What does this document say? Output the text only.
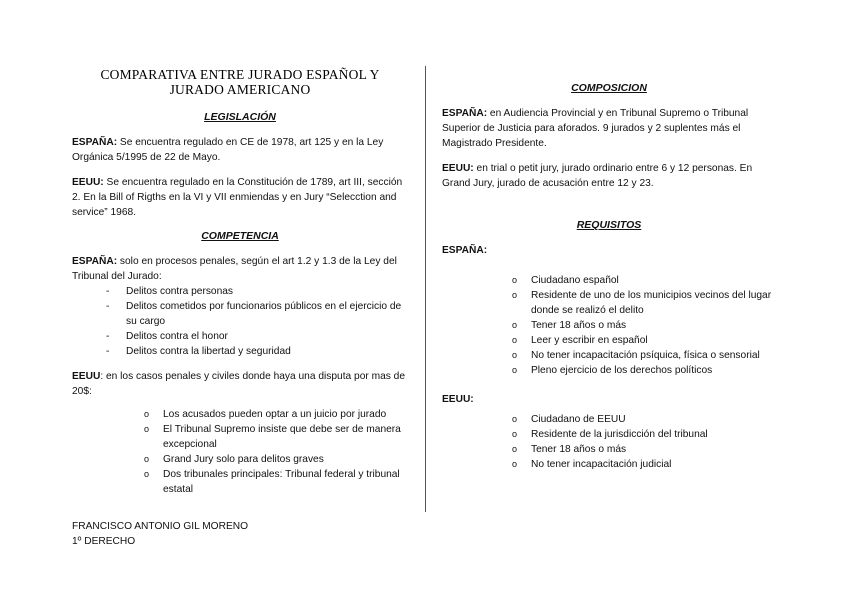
COMPARATIVA ENTRE JURADO ESPAÑOL Y
JURADO AMERICANO
LEGISLACIÓN

ESPAÑA: Se encuentra regulado en CE de 1978, art 125 y en la Ley Orgánica 5/1995 de 22 de Mayo.

EEUU: Se encuentra regulado en la Constitución de 1789, art III, sección 2. En la Bill of Rigths en la VI y VII enmiendas y en Jury “Selecction and service” 1968.

COMPETENCIA

ESPAÑA: solo en procesos penales, según el art 1.2 y 1.3 de la Ley del Tribunal del Jurado:

- Delitos contra personas
- Delitos cometidos por funcionarios públicos en el ejercicio de su cargo
- Delitos contra el honor
- Delitos contra la libertad y seguridad

EEUU: en los casos penales y civiles donde haya una disputa por mas de 20$:

o Los acusados pueden optar a un juicio por jurado
o El Tribunal Supremo insiste que debe ser de manera excepcional
o Grand Jury solo para delitos graves
o Dos tribunales principales: Tribunal federal y tribunal estatal
COMPOSICION

ESPAÑA: en Audiencia Provincial y en Tribunal Supremo o Tribunal Superior de Justicia para aforados. 9 jurados y 2 suplentes más el Magistrado Presidente.

EEUU: en trial o petit jury, jurado ordinario entre 6 y 12 personas. En Grand Jury, jurado de acusación entre 12 y 23.

REQUISITOS

ESPAÑA:

o Ciudadano español
o Residente de uno de los municipios vecinos del lugar donde se realizó el delito
o Tener 18 años o más
o Leer y escribir en español
o No tener incapacitación psíquica, física o sensorial
o Pleno ejercicio de los derechos políticos

EEUU:

o Ciudadano de EEUU
o Residente de la jurisdicción del tribunal
o Tener 18 años o más
o No tener incapacitación judicial
FRANCISCO ANTONIO GIL MORENO
1º DERECHO
